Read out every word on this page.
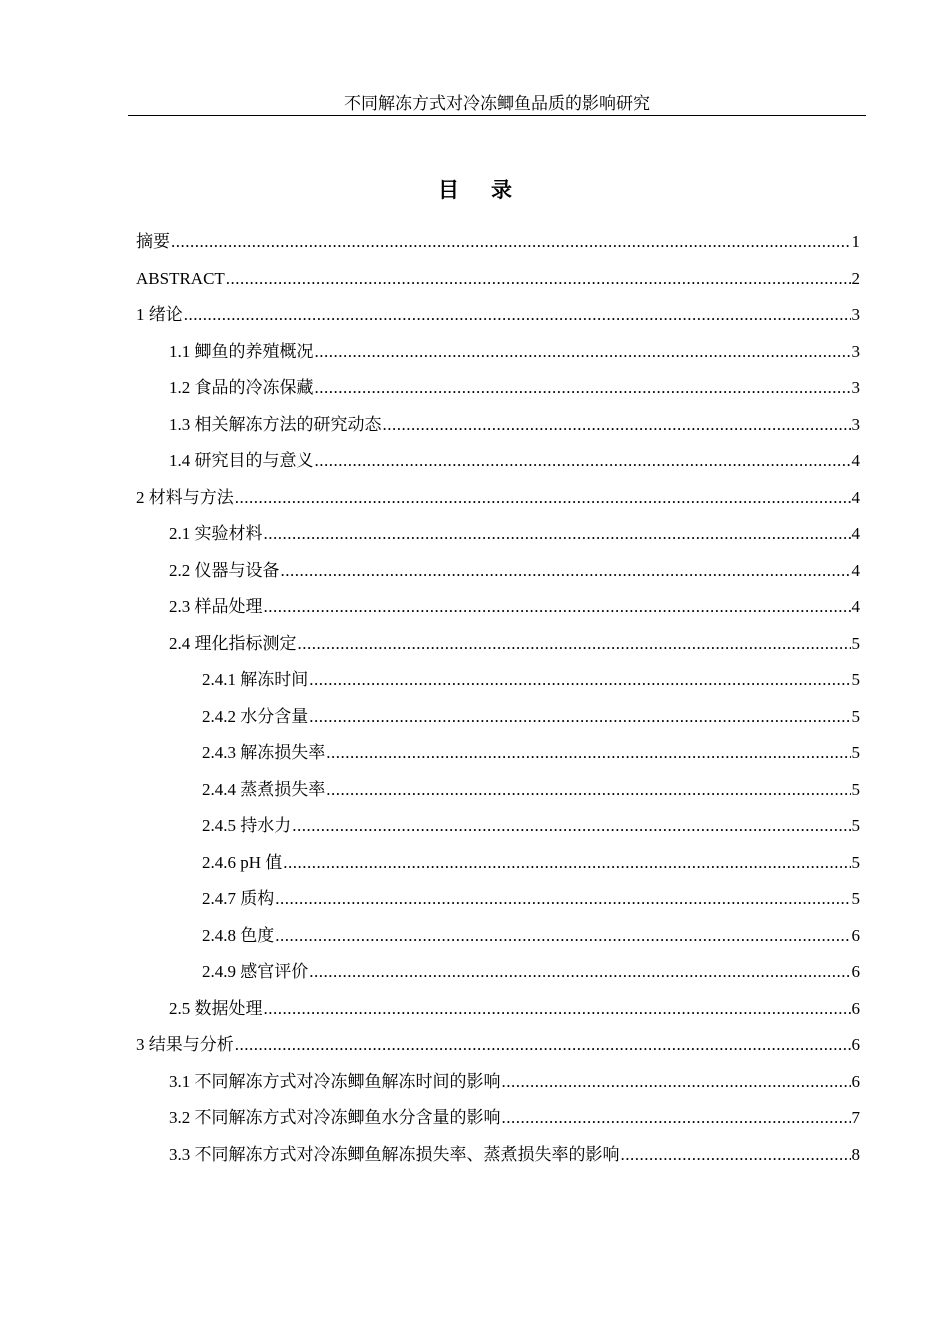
不同解冻方式对冷冻鲫鱼品质的影响研究
目录
摘要 .....	1
ABSTRACT .....	2
1 绪论 .....	3
1.1 鲫鱼的养殖概况 .....	3
1.2 食品的冷冻保藏 .....	3
1.3 相关解冻方法的研究动态 .....	3
1.4 研究目的与意义 .....	4
2 材料与方法 .....	4
2.1 实验材料 .....	4
2.2 仪器与设备 .....	4
2.3 样品处理 .....	4
2.4 理化指标测定 .....	5
2.4.1 解冻时间 .....	5
2.4.2 水分含量 .....	5
2.4.3 解冻损失率 .....	5
2.4.4 蒸煮损失率 .....	5
2.4.5 持水力 .....	5
2.4.6 pH 值 .....	5
2.4.7 质构 .....	5
2.4.8 色度 .....	6
2.4.9 感官评价 .....	6
2.5 数据处理 .....	6
3 结果与分析 .....	6
3.1 不同解冻方式对冷冻鲫鱼解冻时间的影响 .....	6
3.2 不同解冻方式对冷冻鲫鱼水分含量的影响 .....	7
3.3 不同解冻方式对冷冻鲫鱼解冻损失率、蒸煮损失率的影响 .....	8
